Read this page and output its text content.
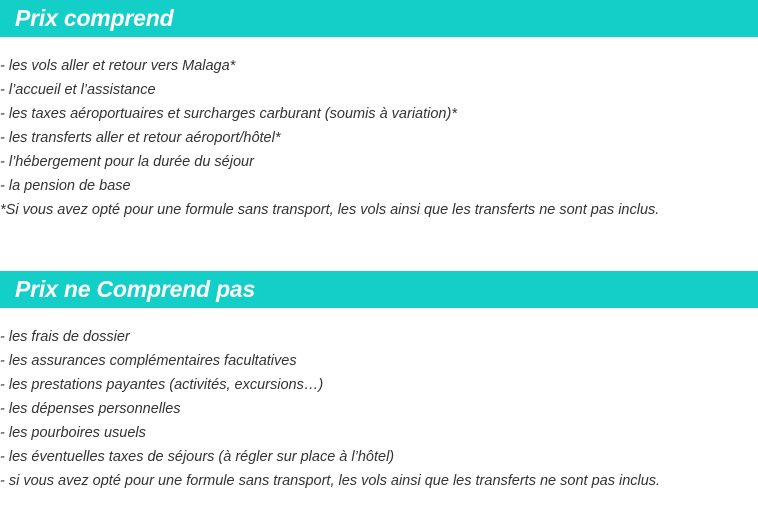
Prix comprend
- les vols aller et retour vers Malaga*
- l’accueil et l’assistance
- les taxes aéroportuaires et surcharges carburant (soumis à variation)*
- les transferts aller et retour aéroport/hôtel*
- l’hébergement pour la durée du séjour
- la pension de base
*Si vous avez opté pour une formule sans transport, les vols ainsi que les transferts ne sont pas inclus.
Prix ne Comprend pas
- les frais de dossier
- les assurances complémentaires facultatives
- les prestations payantes (activités, excursions…)
- les dépenses personnelles
- les pourboires usuels
- les éventuelles taxes de séjours (à régler sur place à l’hôtel)
- si vous avez opté pour une formule sans transport, les vols ainsi que les transferts ne sont pas inclus.
